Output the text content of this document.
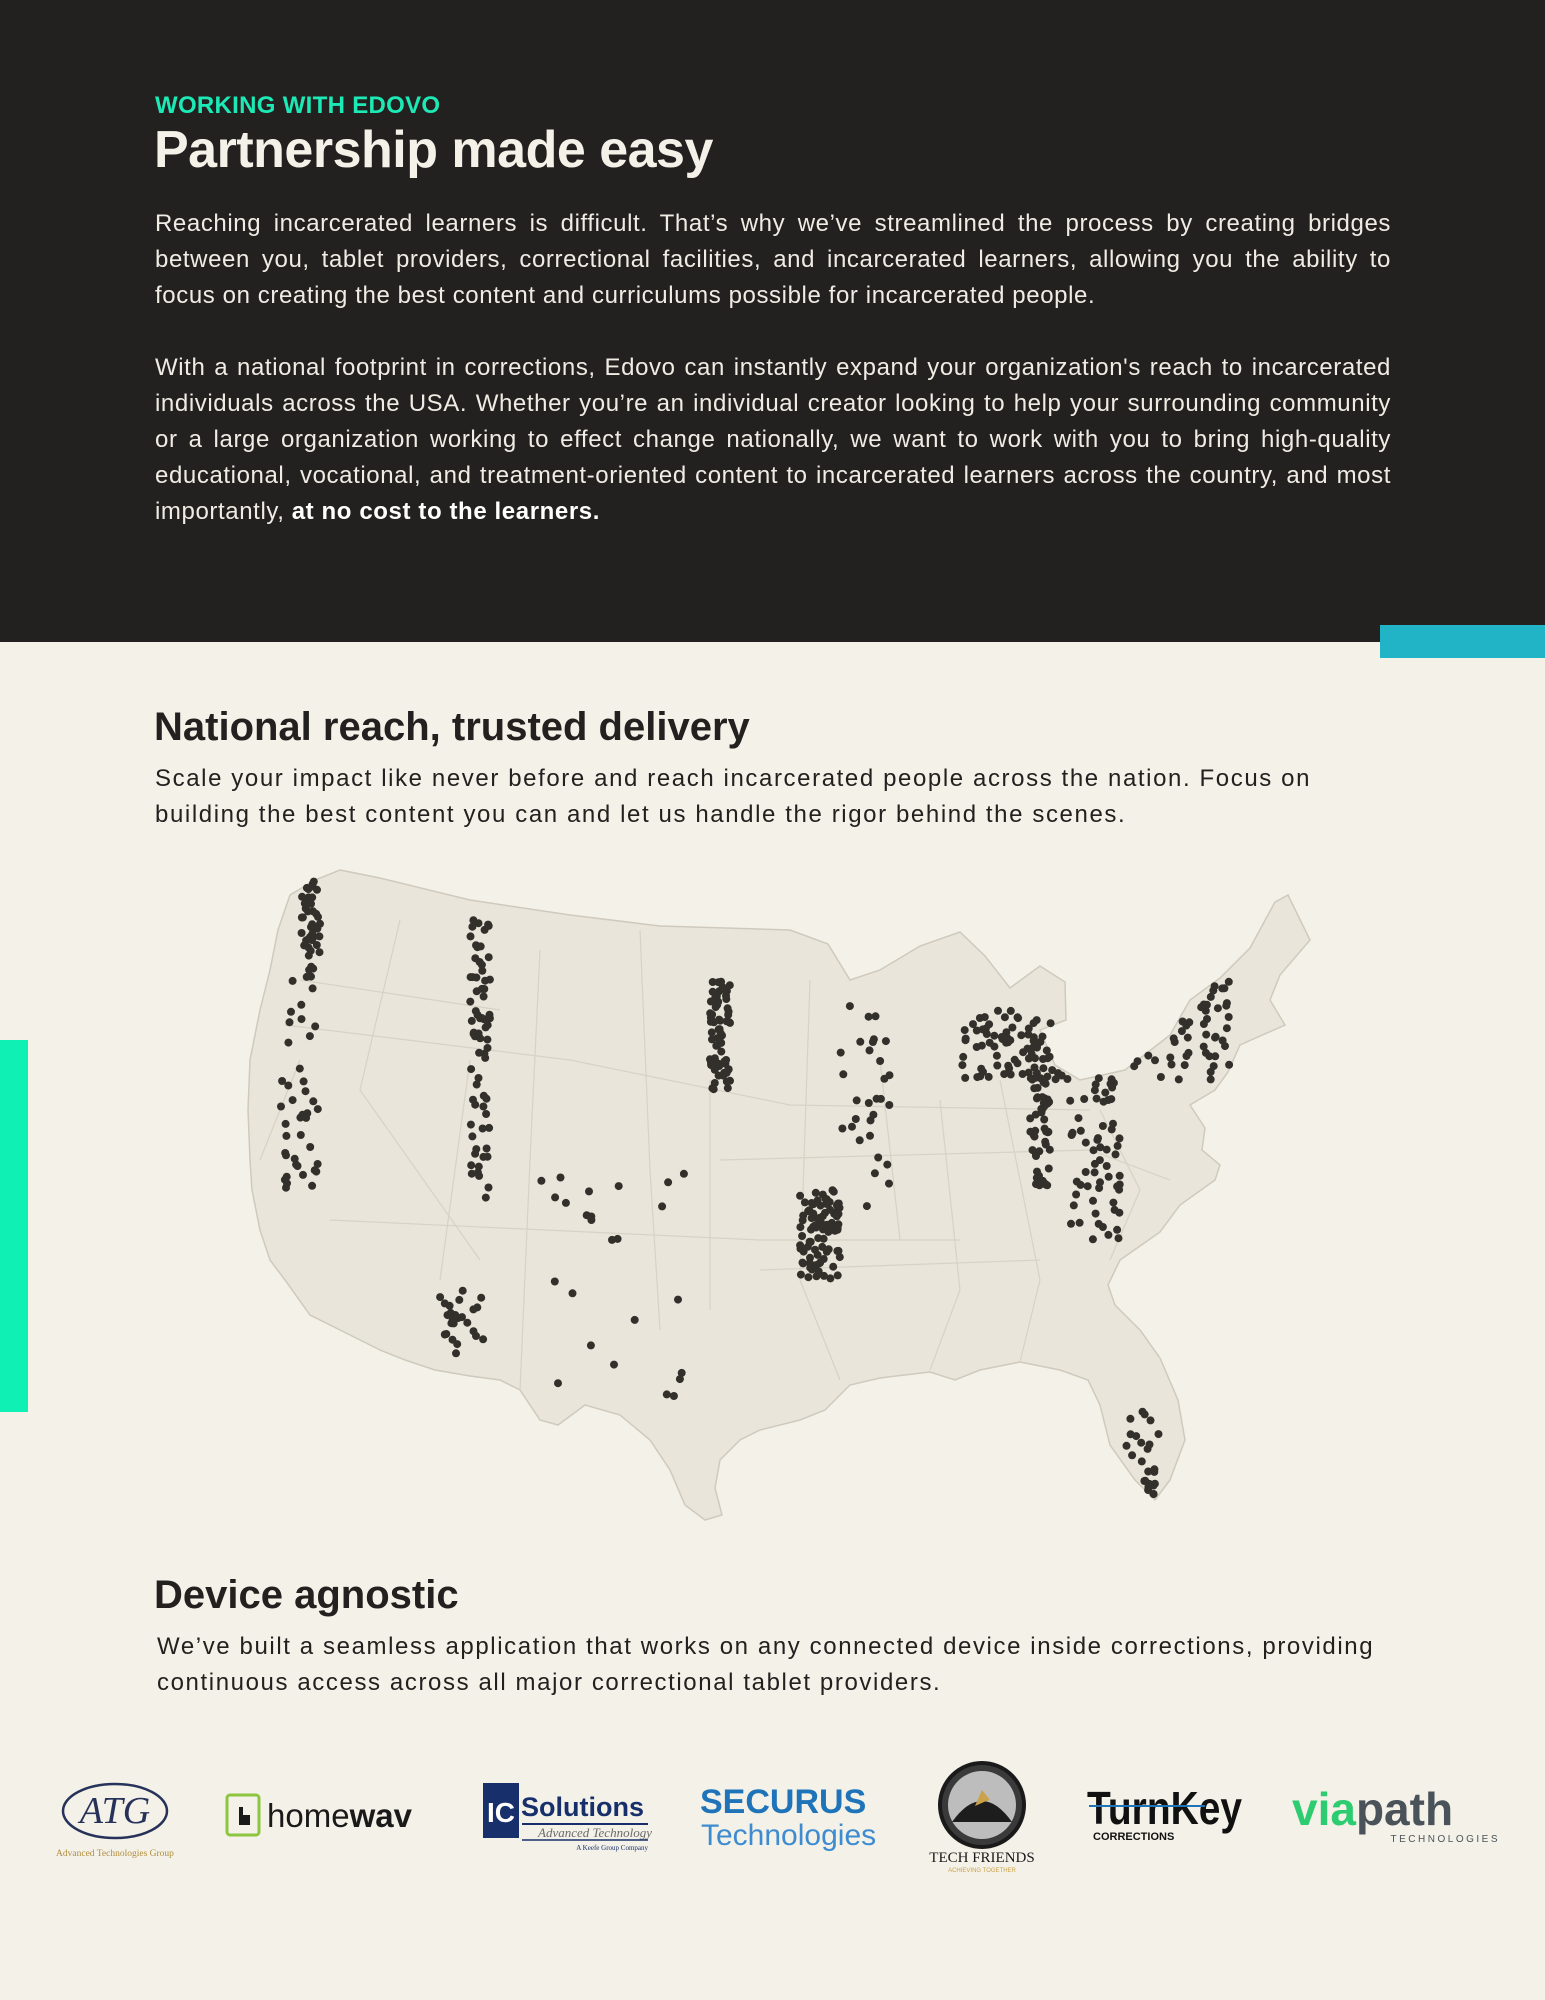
WORKING WITH EDOVO
Partnership made easy

Reaching incarcerated learners is difficult. That’s why we’ve streamlined the process by creating bridges between you, tablet providers, correctional facilities, and incarcerated learners, allowing you the ability to focus on creating the best content and curriculums possible for incarcerated people.

With a national footprint in corrections, Edovo can instantly expand your organization's reach to incarcerated individuals across the USA. Whether you’re an individual creator looking to help your surrounding community or a large organization working to effect change nationally, we want to work with you to bring high-quality educational, vocational, and treatment-oriented content to incarcerated learners across the country, and most importantly, at no cost to the learners.

National reach, trusted delivery

Scale your impact like never before and reach incarcerated people across the nation. Focus on building the best content you can and let us handle the rigor behind the scenes.

Device agnostic

We’ve built a seamless application that works on any connected device inside corrections, providing continuous access across all major correctional tablet providers.

ATG
Advanced Technologies Group
homewav	IC Solutions
Advanced Technology
A Keefe Group Company
SECURUS
Technologies
TECH FRIENDS
ACHIEVING TOGETHER
TurnKey
CORRECTIONS
viapath
TECHNOLOGIES
